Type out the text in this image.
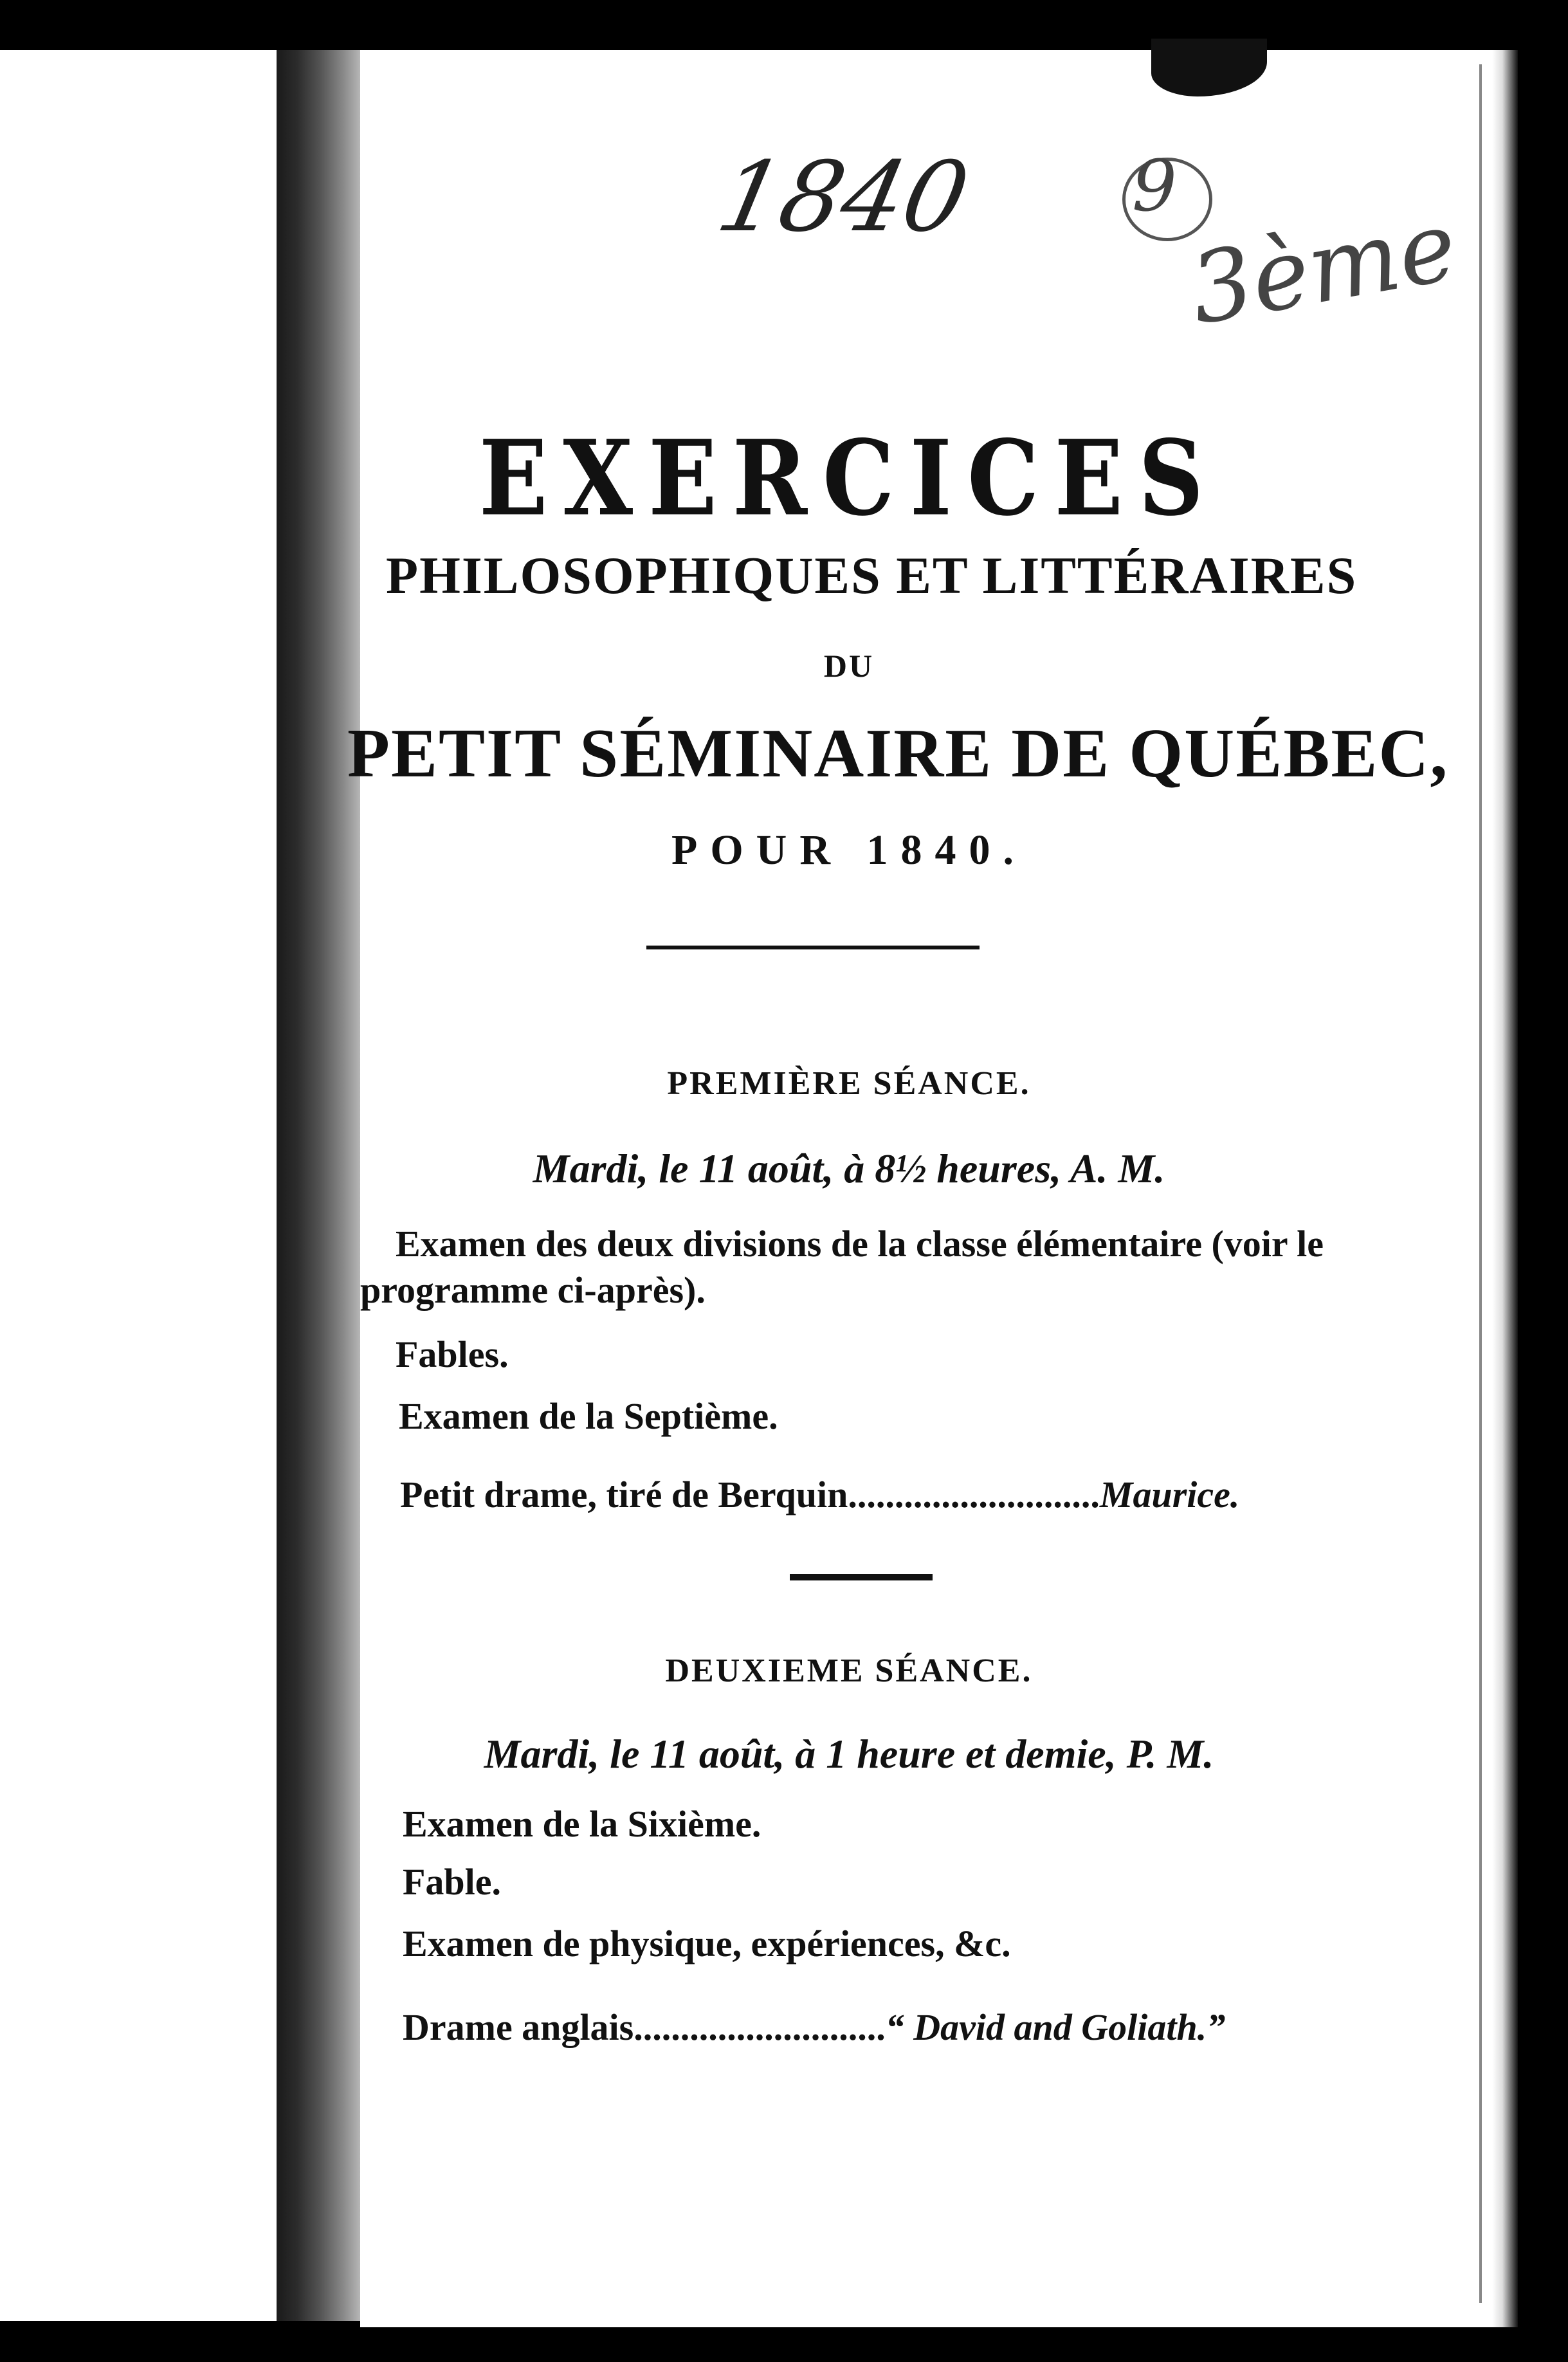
1840 9
3ème
EXERCICES
PHILOSOPHIQUES ET LITTÉRAIRES
DU
PETIT SÉMINAIRE DE QUÉBEC,
POUR 1840.
PREMIÈRE SÉANCE.
Mardi, le 11 août, à 8½ heures, A. M.
Examen des deux divisions de la classe élémentaire (voir le
programme ci-après).
Fables.
Examen de la Septième.
Petit drame, tiré de Berquin...........................Maurice.
DEUXIEME SÉANCE.
Mardi, le 11 août, à 1 heure et demie, P. M.
Examen de la Sixième.
Fable.
Examen de physique, expériences, &c.
Drame anglais...........................“ David and Goliath.”
